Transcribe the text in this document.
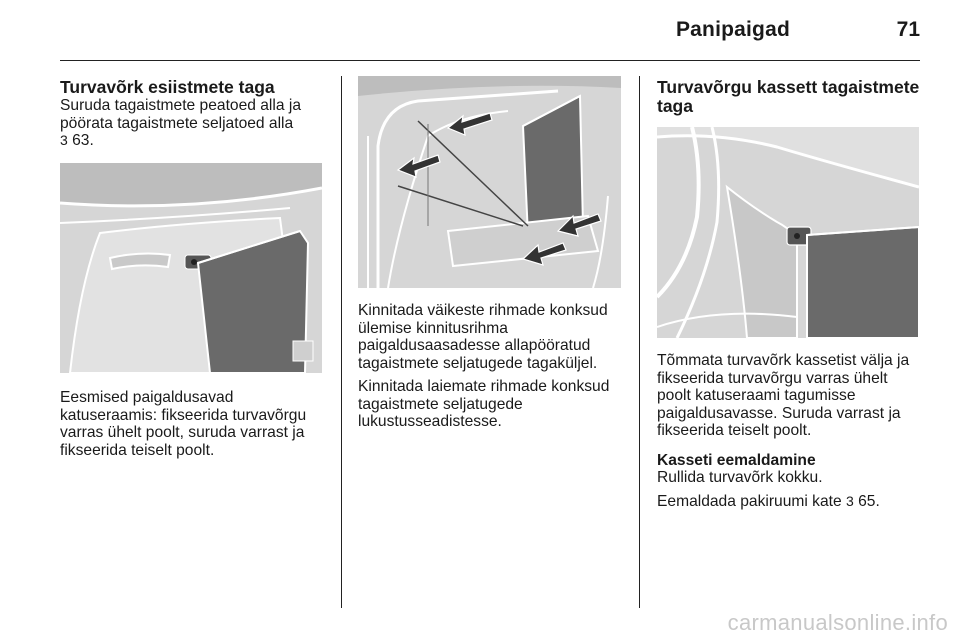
Panipaigad	71
Turvavõrk esiistmete taga

Suruda tagaistmete peatoed alla ja

pöörata tagaistmete seljatoed alla

3 63.

Eesmised paigaldusavad

katuseraamis: fikseerida turvavõrgu

varras ühelt poolt, suruda varrast ja

fikseerida teiselt poolt.

Kinnitada väikeste rihmade konksud

ülemise kinnitusrihma

paigaldusaasadesse allapööratud

tagaistmete seljatugede tagaküljel.

Kinnitada laiemate rihmade konksud

tagaistmete seljatugede

lukustusseadistesse.

Turvavõrgu kassett tagaistmete
taga

Tõmmata turvavõrk kassetist välja ja

fikseerida turvavõrgu varras ühelt

poolt katuseraami tagumisse

paigaldusavasse. Suruda varrast ja

fikseerida teiselt poolt.

Kasseti eemaldamine

Rullida turvavõrk kokku.

Eemaldada pakiruumi kate 3 65.

carmanualsonline.info
